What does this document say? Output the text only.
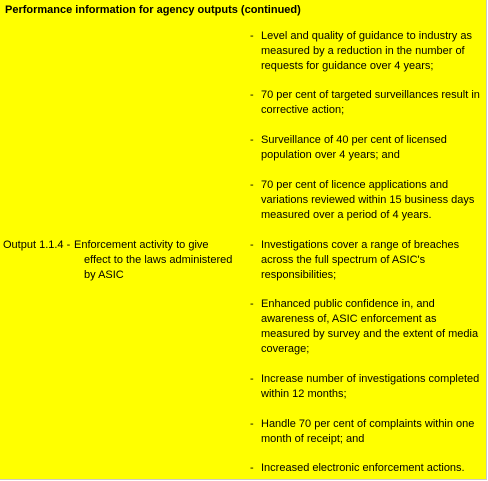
Performance information for agency outputs (continued)
- Level and quality of guidance to industry as measured by a reduction in the number of requests for guidance over 4 years;
- 70 per cent of targeted surveillances result in corrective action;
- Surveillance of 40 per cent of licensed population over 4 years; and
- 70 per cent of licence applications and variations reviewed within 15 business days measured over a period of 4 years.
Output 1.1.4 - Enforcement activity to give
effect to the laws administered by ASIC
- Investigations cover a range of breaches across the full spectrum of ASIC's responsibilities;
- Enhanced public confidence in, and awareness of, ASIC enforcement as measured by survey and the extent of media coverage;
- Increase number of investigations completed within 12 months;
- Handle 70 per cent of complaints within one month of receipt; and
- Increased electronic enforcement actions.
